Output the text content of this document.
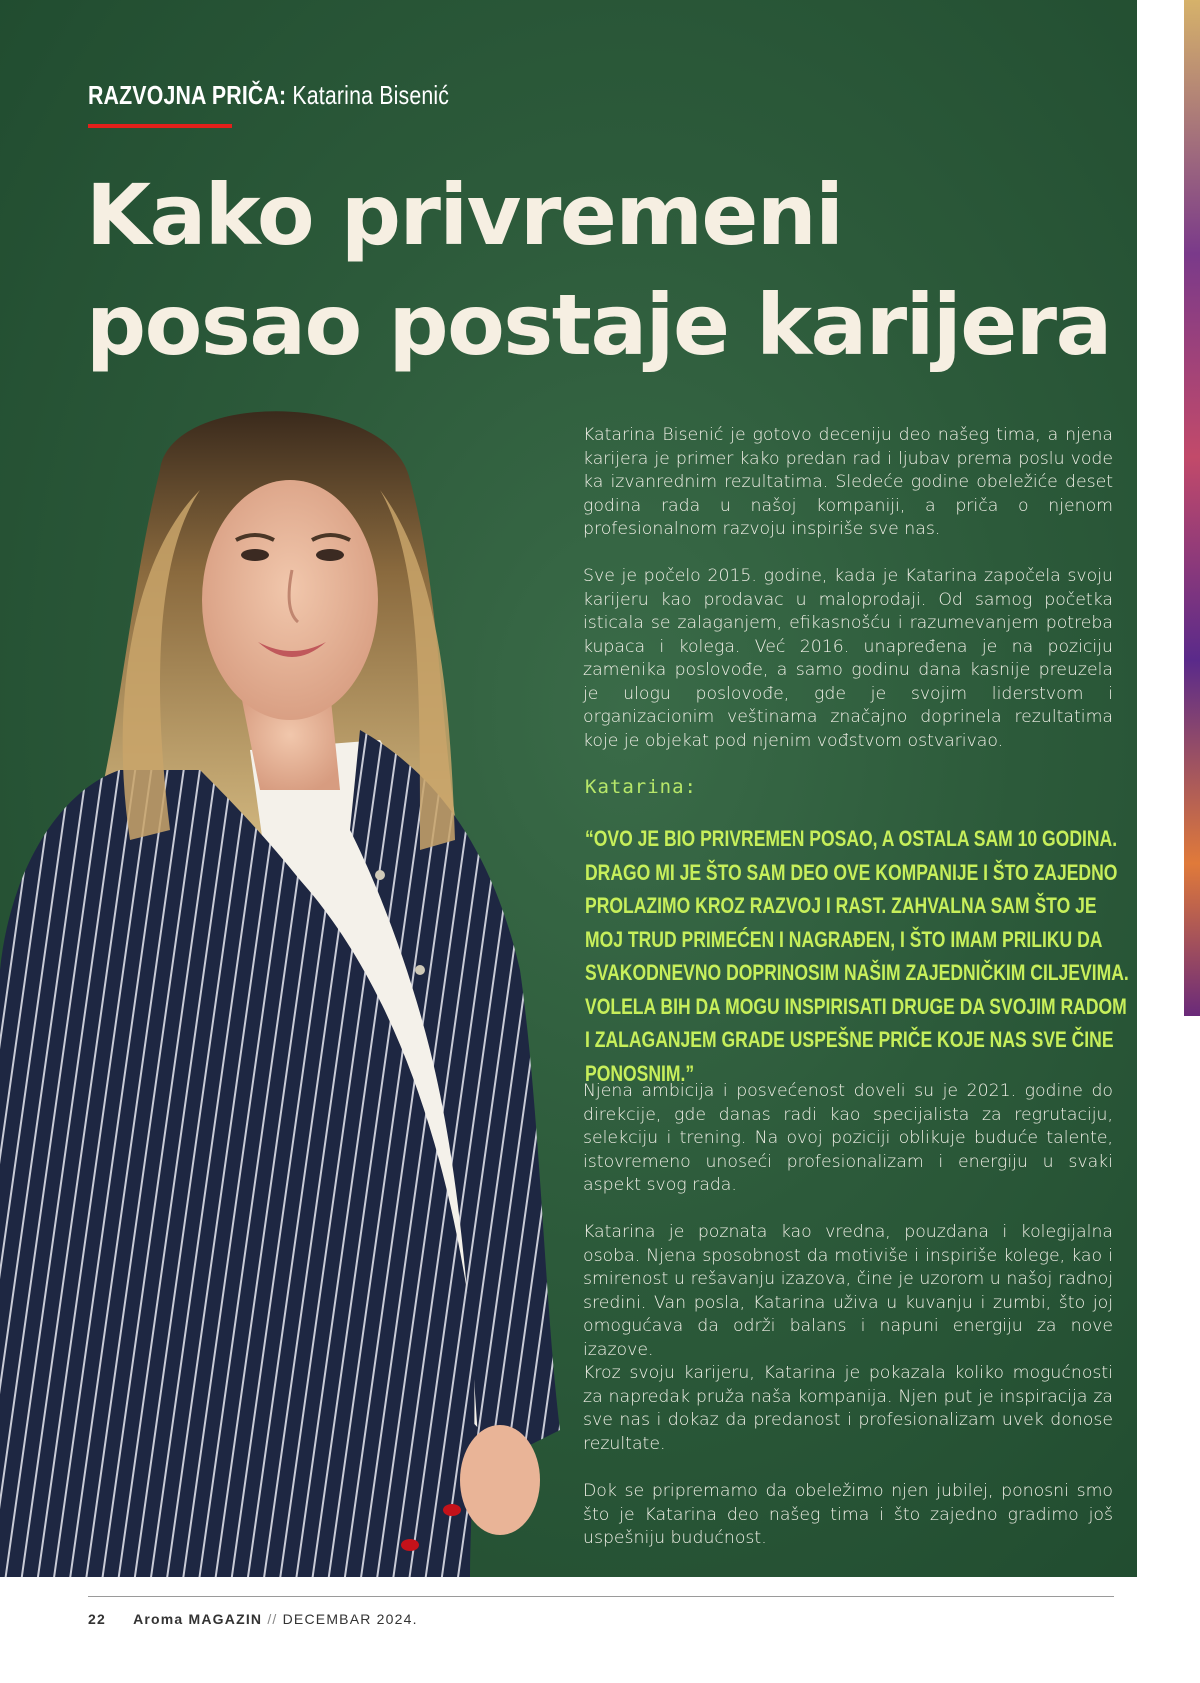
RAZVOJNA PRIČA: Katarina Bisenić
Kako privremeni
posao postaje karijera

Katarina Bisenić je gotovo deceniju deo našeg tima, a njena karijera je primer kako predan rad i ljubav prema poslu vode ka izvanrednim rezultatima. Sledeće godine obeležiće deset godina rada u našoj kompaniji, a priča o njenom profesionalnom razvoju inspiriše sve nas.

Sve je počelo 2015. godine, kada je Katarina započela svoju karijeru kao prodavac u maloprodaji. Od samog početka isticala se zalaganjem, efikasnošću i razumevanjem potreba kupaca i kolega. Već 2016. unapređena je na poziciju zamenika poslovođe, a samo godinu dana kasnije preuzela je ulogu poslovođe, gde je svojim liderstvom i organizacionim veštinama značajno doprinela rezultatima koje je objekat pod njenim vođstvom ostvarivao.

Katarina:
“OVO JE BIO PRIVREMEN POSAO, A OSTALA SAM 10 GODINA. DRAGO MI JE ŠTO SAM DEO OVE KOMPANIJE I ŠTO ZAJEDNO PROLAZIMO KROZ RAZVOJ I RAST. ZAHVALNA SAM ŠTO JE MOJ TRUD PRIMEĆEN I NAGRAĐEN, I ŠTO IMAM PRILIKU DA SVAKODNEVNO DOPRINOSIM NAŠIM ZAJEDNIČKIM CILJEVIMA. VOLELA BIH DA MOGU INSPIRISATI DRUGE DA SVOJIM RADOM I ZALAGANJEM GRADE USPEŠNE PRIČE KOJE NAS SVE ČINE PONOSNIM.”

Njena ambicija i posvećenost doveli su je 2021. godine do direkcije, gde danas radi kao specijalista za regrutaciju, selekciju i trening. Na ovoj poziciji oblikuje buduće talente, istovremeno unoseći profesionalizam i energiju u svaki aspekt svog rada.

Katarina je poznata kao vredna, pouzdana i kolegijalna osoba. Njena sposobnost da motiviše i inspiriše kolege, kao i smirenost u rešavanju izazova, čine je uzorom u našoj radnoj sredini. Van posla, Katarina uživa u kuvanju i zumbi, što joj omogućava da održi balans i napuni energiju za nove izazove.

Kroz svoju karijeru, Katarina je pokazala koliko mogućnosti za napredak pruža naša kompanija. Njen put je inspiracija za sve nas i dokaz da predanost i profesionalizam uvek donose rezultate.

Dok se pripremamo da obeležimo njen jubilej, ponosni smo što je Katarina deo našeg tima i što zajedno gradimo još uspešniju budućnost.

22 Aroma MAGAZIN // DECEMBAR 2024.
